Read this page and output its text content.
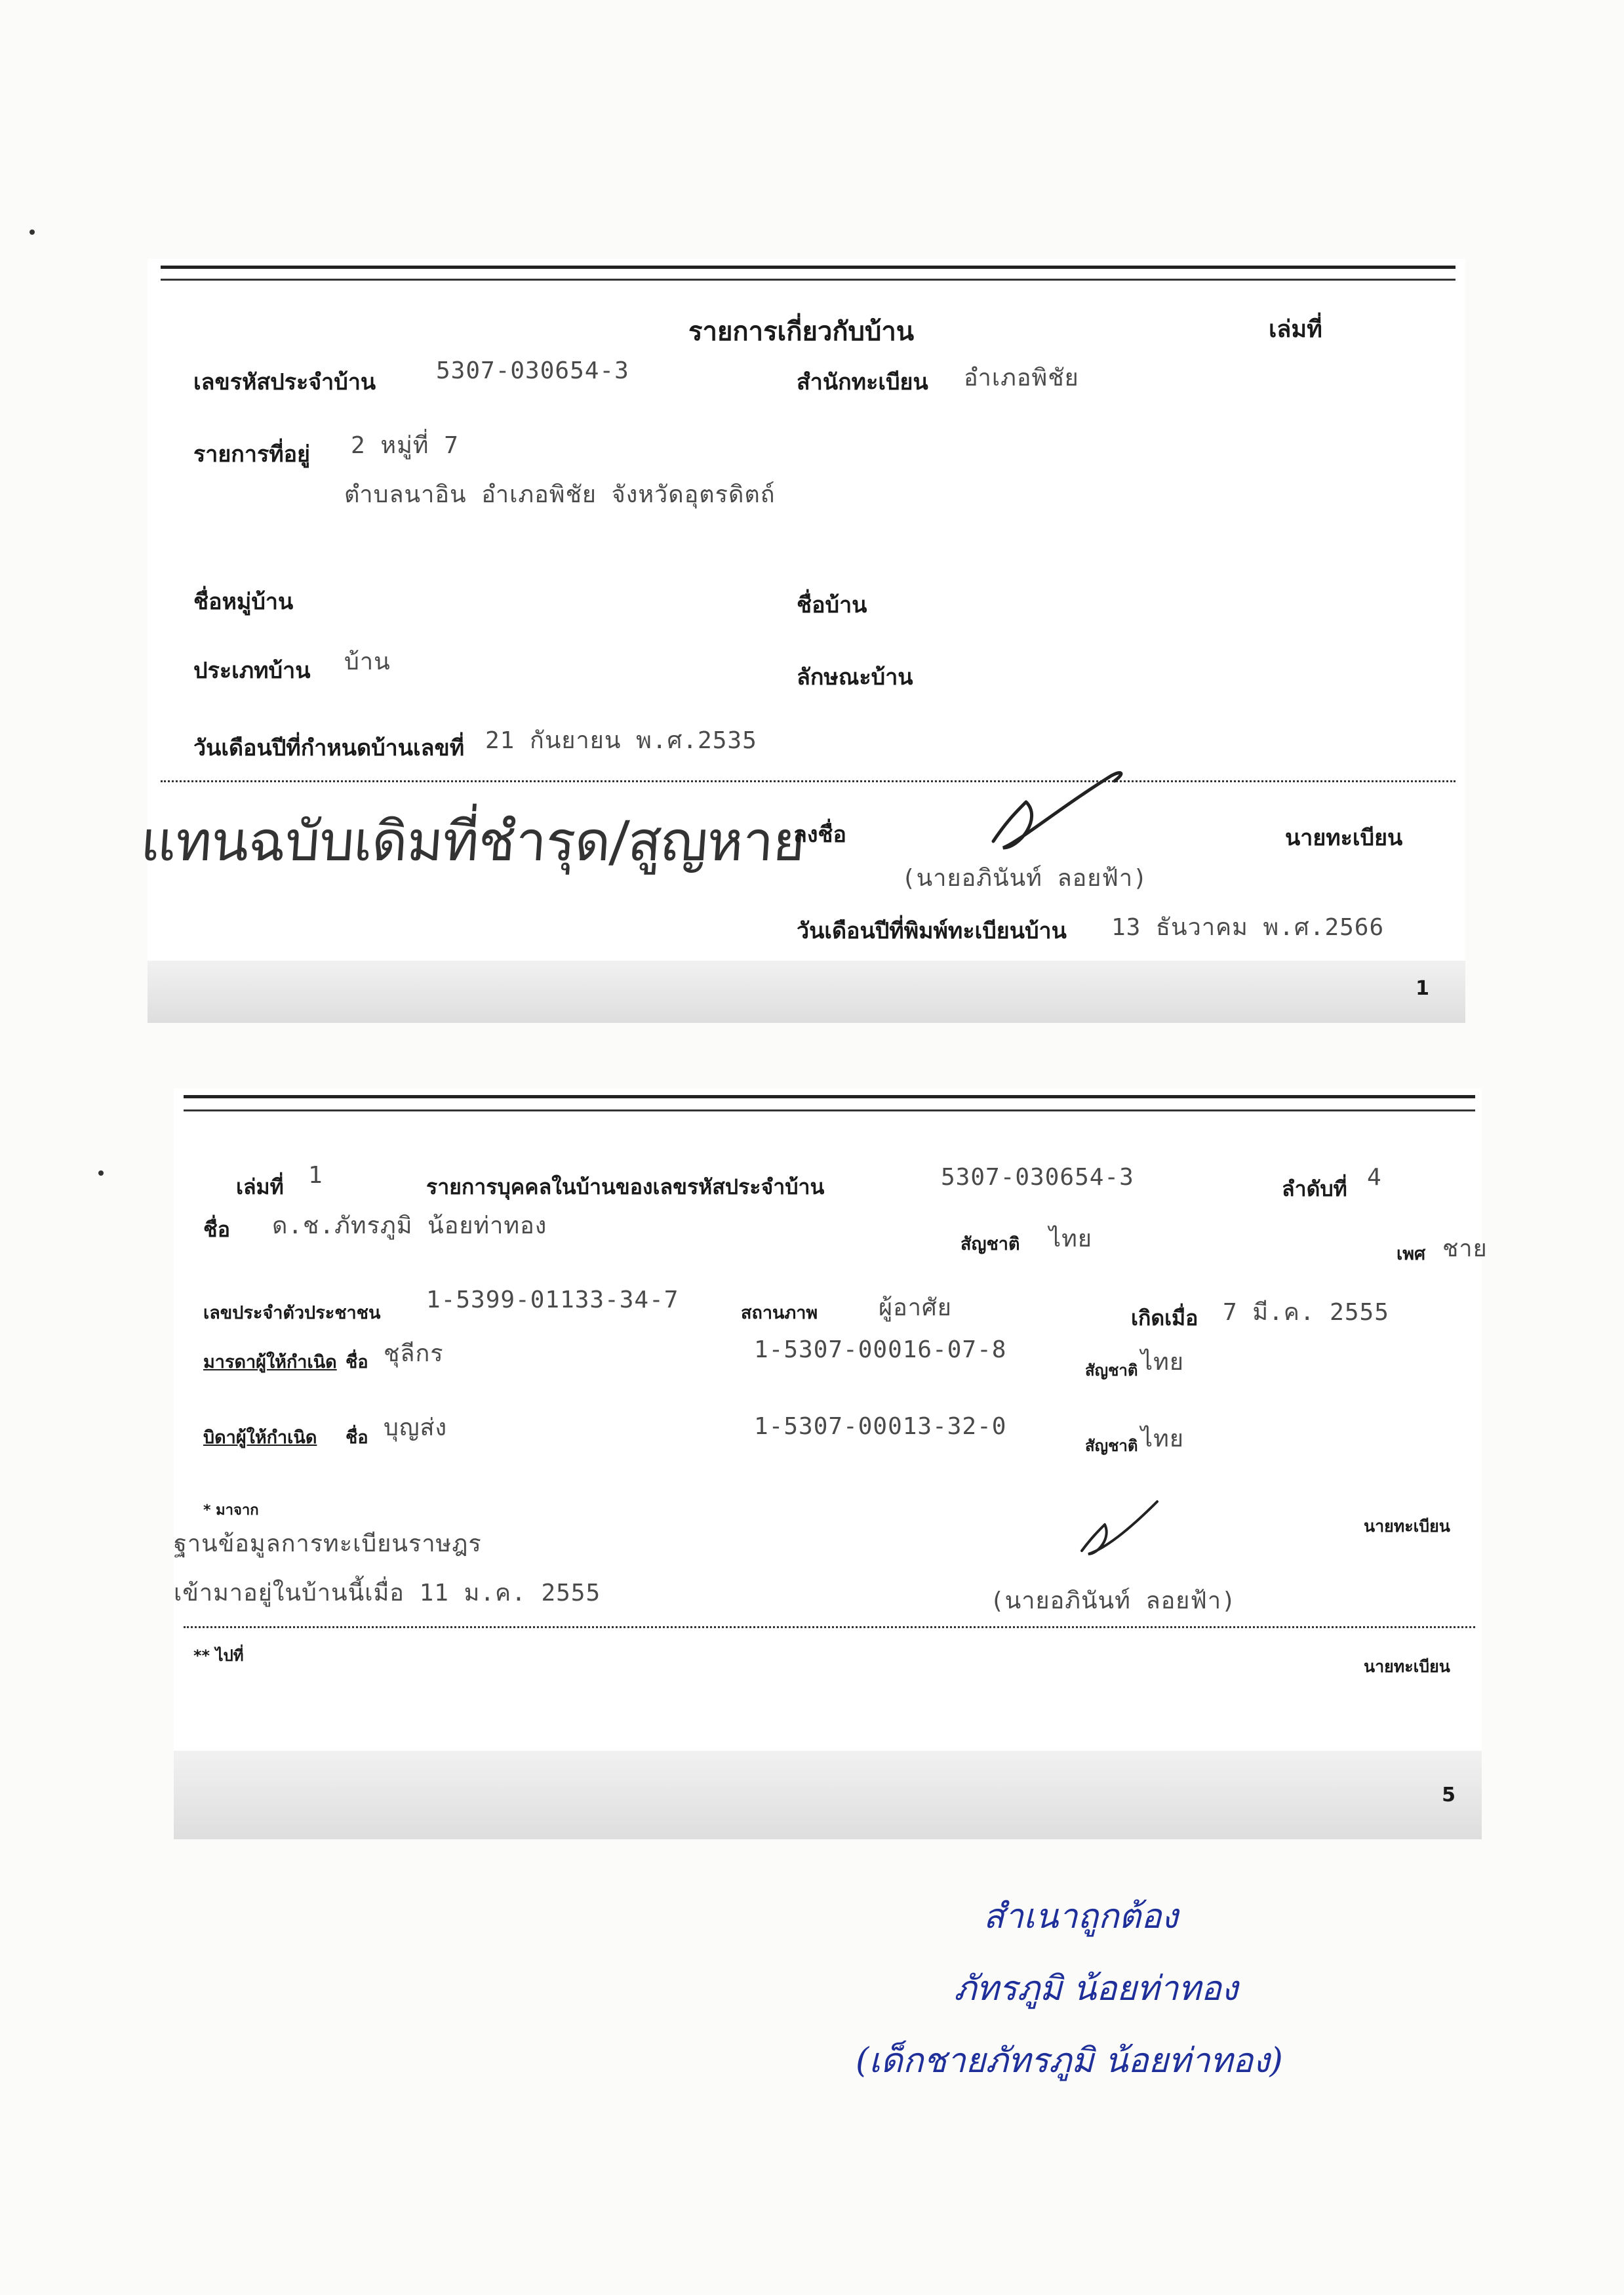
รายการเกี่ยวกับบ้าน	เล่มที่
เลขรหัสประจำบ้าน	5307-030654-3	สำนักทะเบียน อำเภอพิชัย
รายการที่อยู่ 2 หมู่ที่ 7
ตำบลนาอิน อำเภอพิชัย จังหวัดอุตรดิตถ์
ชื่อหมู่บ้าน	ชื่อบ้าน
ประเภทบ้าน บ้าน
ลักษณะบ้าน
วันเดือนปีที่กำหนดบ้านเลขที่ 21 กันยายน พ.ศ.2535
แทนฉบับเดิมที่ชำรุด/สูญหาย
ลงชื่อ	นายทะเบียน
(นายอภินันท์ ลอยฟ้า)
วันเดือนปีที่พิมพ์ทะเบียนบ้าน 13 ธันวาคม พ.ศ.2566
1
เล่มที่ 1	รายการบุคคลในบ้านของเลขรหัสประจำบ้าน	5307-030654-3	ลำดับที่ 4
ชื่อ ด.ช.ภัทรภูมิ น้อยท่าทอง
สัญชาติ ไทย
เพศ ชาย
เลขประจำตัวประชาชน 1-5399-01133-34-7	สถานภาพ	ผู้อาศัย	เกิดเมื่อ 7 มี.ค. 2555
มารดาผู้ให้กำเนิด ชื่อ ชุลีกร	1-5307-00016-07-8
สัญชาติ ไทย
บิดาผู้ให้กำเนิด ชื่อ บุญส่ง	1-5307-00013-32-0
สัญชาติ ไทย
* มาจาก
ฐานข้อมูลการทะเบียนราษฎร
เข้ามาอยู่ในบ้านนี้เมื่อ 11 ม.ค. 2555
นายทะเบียน
(นายอภินันท์ ลอยฟ้า)
** ไปที่
นายทะเบียน
5
สำเนาถูกต้อง
ภัทรภูมิ น้อยท่าทอง
(เด็กชายภัทรภูมิ น้อยท่าทอง)
